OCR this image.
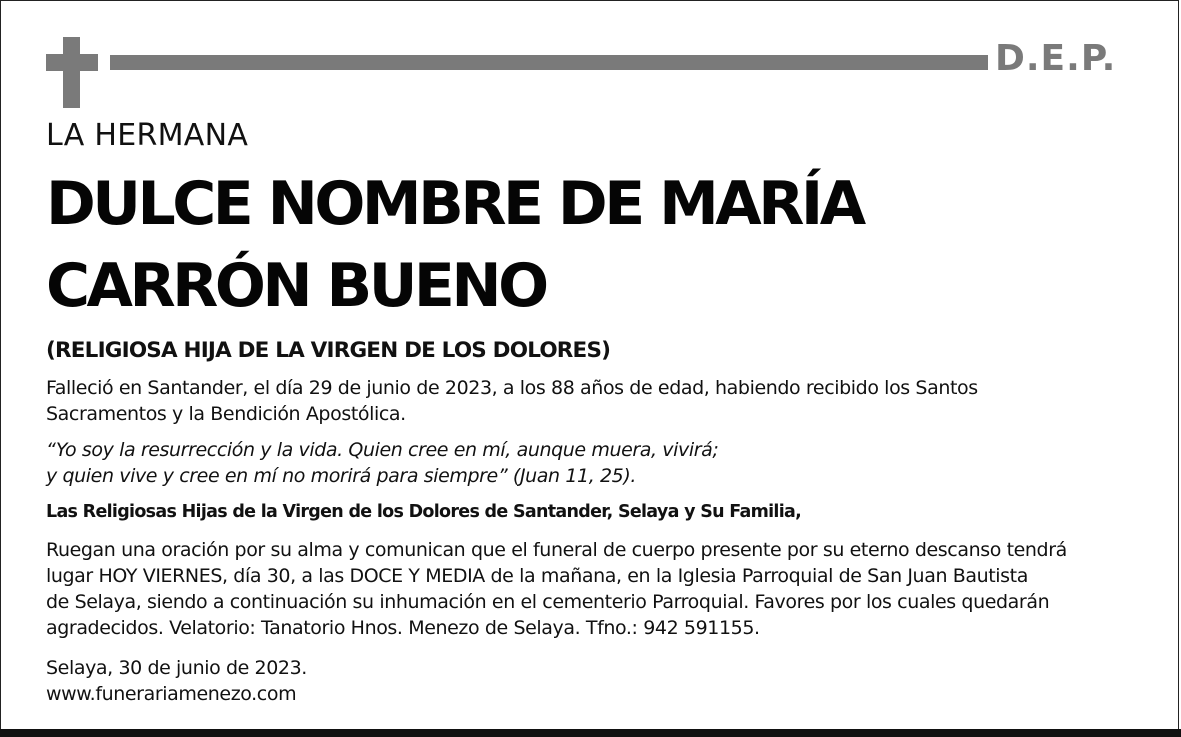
D.E.P.
LA HERMANA
DULCE NOMBRE DE MARÍA
CARRÓN BUENO
(RELIGIOSA HIJA DE LA VIRGEN DE LOS DOLORES)
Falleció en Santander, el día 29 de junio de 2023, a los 88 años de edad, habiendo recibido los Santos
Sacramentos y la Bendición Apostólica.
“Yo soy la resurrección y la vida. Quien cree en mí, aunque muera, vivirá;
y quien vive y cree en mí no morirá para siempre” (Juan 11, 25).
Las Religiosas Hijas de la Virgen de los Dolores de Santander, Selaya y Su Familia,
Ruegan una oración por su alma y comunican que el funeral de cuerpo presente por su eterno descanso tendrá
lugar HOY VIERNES, día 30, a las DOCE Y MEDIA de la mañana, en la Iglesia Parroquial de San Juan Bautista
de Selaya, siendo a continuación su inhumación en el cementerio Parroquial. Favores por los cuales quedarán
agradecidos. Velatorio: Tanatorio Hnos. Menezo de Selaya. Tfno.: 942 591155.
Selaya, 30 de junio de 2023.
www.funerariamenezo.com
